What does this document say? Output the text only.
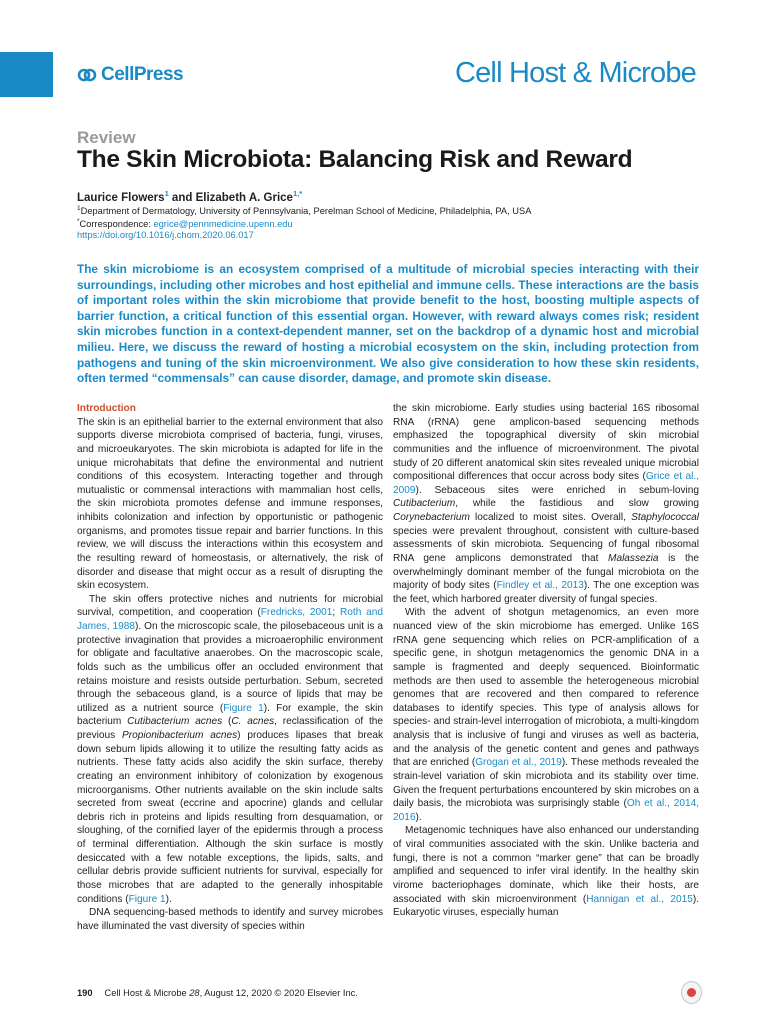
CellPress	Cell Host & Microbe
Review
The Skin Microbiota: Balancing Risk and Reward
Laurice Flowers$^1$ and Elizabeth A. Grice$^{1,*}$
$^1$Department of Dermatology, University of Pennsylvania, Perelman School of Medicine, Philadelphia, PA, USA
*Correspondence: egrice@pennmedicine.upenn.edu
https://doi.org/10.1016/j.chom.2020.06.017

The skin microbiome is an ecosystem comprised of a multitude of microbial species interacting with their surroundings, including other microbes and host epithelial and immune cells. These interactions are the basis of important roles within the skin microbiome that provide benefit to the host, boosting multiple aspects of barrier function, a critical function of this essential organ. However, with reward always comes risk; resident skin microbes function in a context-dependent manner, set on the backdrop of a dynamic host and microbial milieu. Here, we discuss the reward of hosting a microbial ecosystem on the skin, including protection from pathogens and tuning of the skin microenvironment. We also give consideration to how these skin residents, often termed “commensals” can cause disorder, damage, and promote skin disease.

Introduction

The skin is an epithelial barrier to the external environment that also supports diverse microbiota comprised of bacteria, fungi, viruses, and microeukaryotes. The skin microbiota is adapted for life in the unique microhabitats that define the environmental and nutrient conditions of this ecosystem. Interacting together and through mutualistic or commensal interactions with mammalian host cells, the skin microbiota promotes defense and immune responses, inhibits colonization and infection by opportunistic or pathogenic organisms, and promotes tissue repair and barrier functions. In this review, we will discuss the interactions within this ecosystem and the resulting reward of homeostasis, or alternatively, the risk of disorder and disease that might occur as a result of disrupting the skin ecosystem.

The skin offers protective niches and nutrients for microbial survival, competition, and cooperation (Fredricks, 2001; Roth and James, 1988). On the microscopic scale, the pilosebaceous unit is a protective invagination that provides a microaerophilic environment for obligate and facultative anaerobes. On the macroscopic scale, folds such as the umbilicus offer an occluded environment that retains moisture and resists outside perturbation. Sebum, secreted through the sebaceous gland, is a source of lipids that may be utilized as a nutrient source (Figure 1). For example, the skin bacterium Cutibacterium acnes (C. acnes, reclassification of the previous Propionibacterium acnes) produces lipases that break down sebum lipids allowing it to utilize the resulting fatty acids as nutrients. These fatty acids also acidify the skin surface, thereby creating an environment inhibitory of colonization by exogenous microorganisms. Other nutrients available on the skin include salts secreted from sweat (eccrine and apocrine) glands and cellular debris rich in proteins and lipids resulting from desquamation, or sloughing, of the cornified layer of the epidermis through a process of terminal differentiation. Although the skin surface is mostly desiccated with a few notable exceptions, the lipids, salts, and cellular debris provide sufficient nutrients for survival, especially for those microbes that are adapted to the generally inhospitable conditions (Figure 1).

DNA sequencing-based methods to identify and survey microbes have illuminated the vast diversity of species within

the skin microbiome. Early studies using bacterial 16S ribosomal RNA (rRNA) gene amplicon-based sequencing methods emphasized the topographical diversity of skin microbial communities and the influence of microenvironment. The pivotal study of 20 different anatomical skin sites revealed unique microbial compositional differences that occur across body sites (Grice et al., 2009). Sebaceous sites were enriched in sebum-loving Cutibacterium, while the fastidious and slow growing Corynebacterium localized to moist sites. Overall, Staphylococcal species were prevalent throughout, consistent with culture-based assessments of skin microbiota. Sequencing of fungal ribosomal RNA gene amplicons demonstrated that Malassezia is the overwhelmingly dominant member of the fungal microbiota on the majority of body sites (Findley et al., 2013). The one exception was the feet, which harbored greater diversity of fungal species.

With the advent of shotgun metagenomics, an even more nuanced view of the skin microbiome has emerged. Unlike 16S rRNA gene sequencing which relies on PCR-amplification of a specific gene, in shotgun metagenomics the genomic DNA in a sample is fragmented and deeply sequenced. Bioinformatic methods are then used to assemble the heterogeneous microbial genomes that are recovered and then compared to reference databases to identify species. This type of analysis allows for species- and strain-level interrogation of microbiota, a multi-kingdom analysis that is inclusive of fungi and viruses as well as bacteria, and the analysis of the genetic content and genes and pathways that are enriched (Grogan et al., 2019). These methods revealed the strain-level variation of skin microbiota and its stability over time. Given the frequent perturbations encountered by skin microbes on a daily basis, the microbiota was surprisingly stable (Oh et al., 2014, 2016).

Metagenomic techniques have also enhanced our understanding of viral communities associated with the skin. Unlike bacteria and fungi, there is not a common “marker gene” that can be broadly amplified and sequenced to infer viral identify. In the healthy skin virome bacteriophages dominate, which like their hosts, are associated with skin microenvironment (Hannigan et al., 2015). Eukaryotic viruses, especially human

190 Cell Host & Microbe 28, August 12, 2020 © 2020 Elsevier Inc.
